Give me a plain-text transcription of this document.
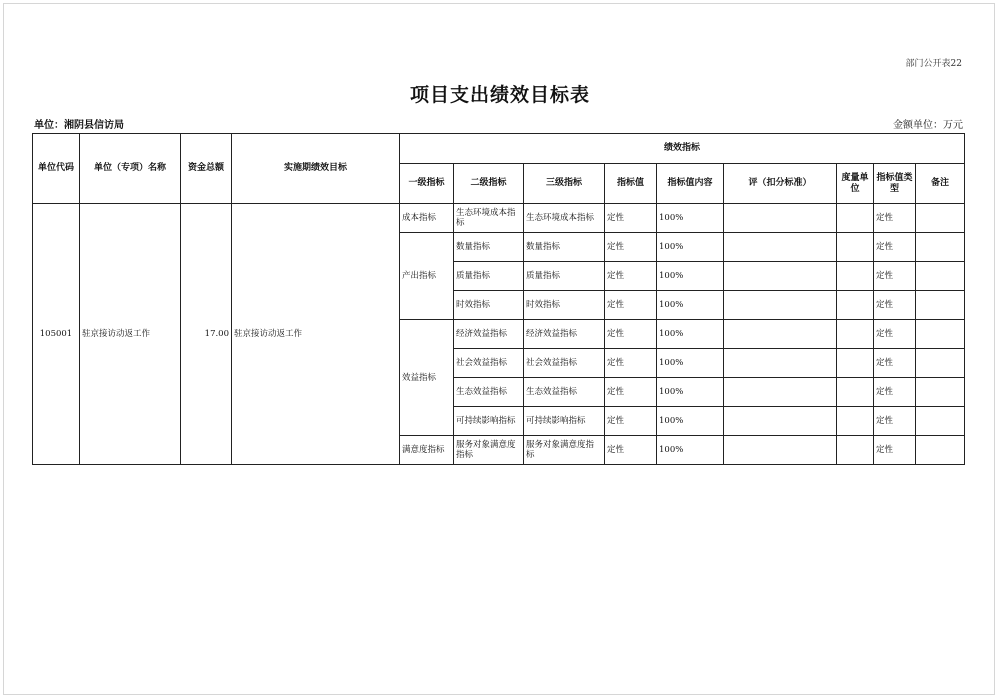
部门公开表22
项目支出绩效目标表
单位：湘阴县信访局	金额单位：万元
单位代码	单位（专项）名称	资金总额	实施期绩效目标	绩效指标								
				一级指标	二级指标	三级指标	指标值	指标值内容	评（扣分标准）	度量单位	指标值类型	备注
105001	驻京接访动返工作	17.00	驻京接访动返工作	成本指标	生态环境成本指标	生态环境成本指标	定性	100%			定性	
				产出指标	数量指标	数量指标	定性	100%			定性	
					质量指标	质量指标	定性	100%			定性	
					时效指标	时效指标	定性	100%			定性	
				效益指标	经济效益指标	经济效益指标	定性	100%			定性	
					社会效益指标	社会效益指标	定性	100%			定性	
					生态效益指标	生态效益指标	定性	100%			定性	
					可持续影响指标	可持续影响指标	定性	100%			定性	
				满意度指标	服务对象满意度指标	服务对象满意度指标	定性	100%			定性	
